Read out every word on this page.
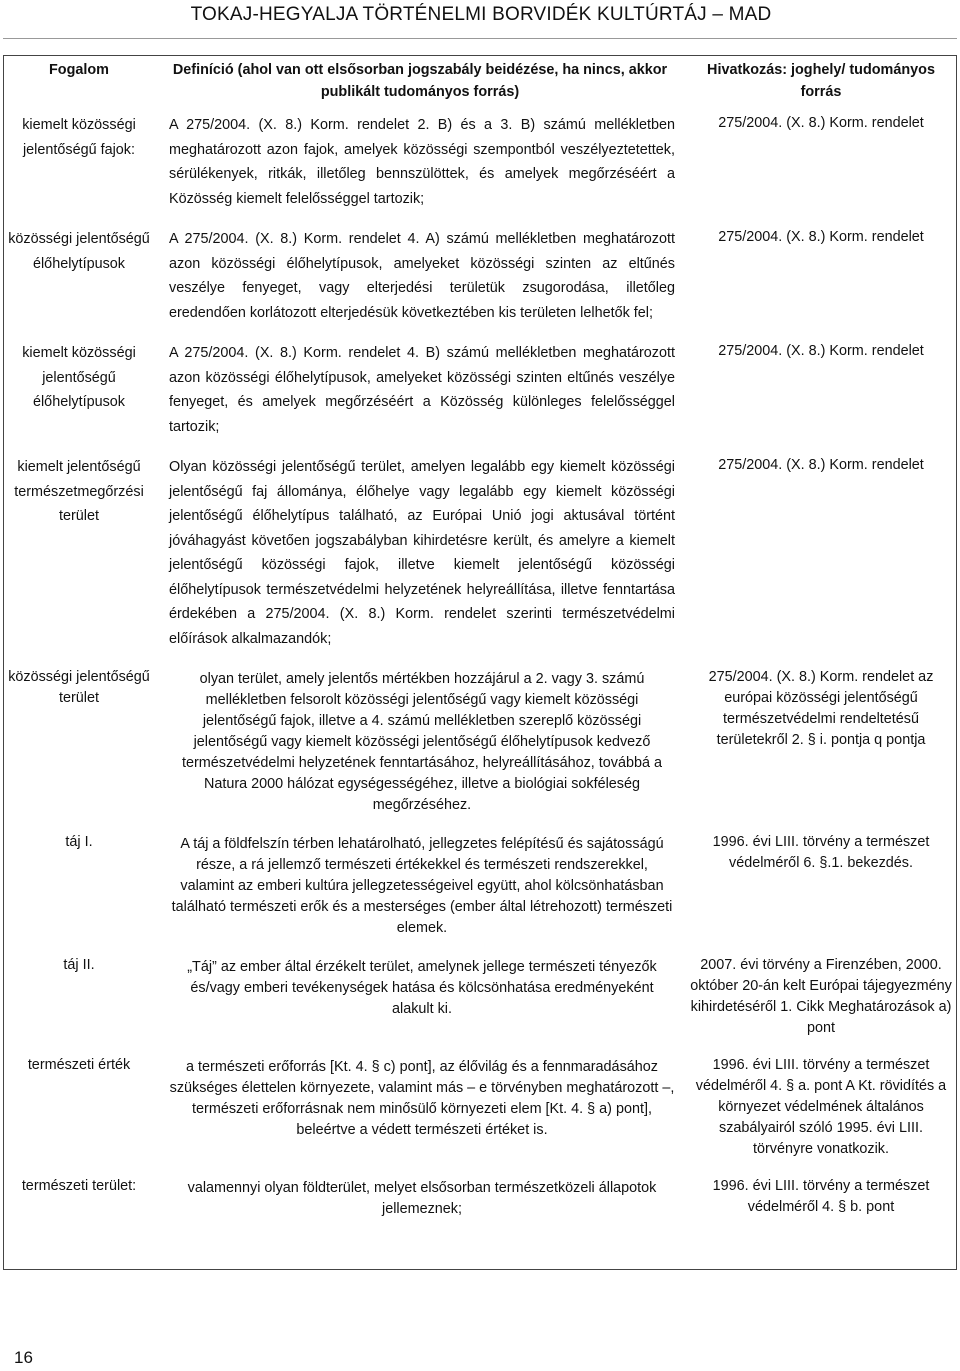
TOKAJ-HEGYALJA TÖRTÉNELMI BORVIDÉK KULTÚRTÁJ – MAD
Fogalom	Definíció (ahol van ott elsősorban jogszabály beidézése, ha nincs, akkor publikált tudományos forrás)	Hivatkozás: joghely/ tudományos forrás

kiemelt közösségi jelentőségű fajok:	A 275/2004. (X. 8.) Korm. rendelet 2. B) és a 3. B) számú mellékletben meghatározott azon fajok, amelyek közösségi szempontból veszélyeztetettek, sérülékenyek, ritkák, illetőleg bennszülöttek, és amelyek megőrzéséért a Közösség kiemelt felelősséggel tartozik;	275/2004. (X. 8.) Korm. rendelet

közösségi jelentőségű élőhelytípusok	A 275/2004. (X. 8.) Korm. rendelet 4. A) számú mellékletben meghatározott azon közösségi élőhelytípusok, amelyeket közösségi szinten az eltűnés veszélye fenyeget, vagy elterjedési területük zsugorodása, illetőleg eredendően korlátozott elterjedésük következtében kis területen lelhetők fel;	275/2004. (X. 8.) Korm. rendelet

kiemelt közösségi jelentőségű élőhelytípusok	A 275/2004. (X. 8.) Korm. rendelet 4. B) számú mellékletben meghatározott azon közösségi élőhelytípusok, amelyeket közösségi szinten eltűnés veszélye fenyeget, és amelyek megőrzéséért a Közösség különleges felelősséggel tartozik;	275/2004. (X. 8.) Korm. rendelet

kiemelt jelentőségű természetmegőrzési terület	Olyan közösségi jelentőségű terület, amelyen legalább egy kiemelt közösségi jelentőségű faj állománya, élőhelye vagy legalább egy kiemelt közösségi jelentőségű élőhelytípus található, az Európai Unió jogi aktusával történt jóváhagyást követően jogszabályban kihirdetésre került, és amelyre a kiemelt jelentőségű közösségi fajok, illetve kiemelt jelentőségű közösségi élőhelytípusok természetvédelmi helyzetének helyreállítása, illetve fenntartása érdekében a 275/2004. (X. 8.) Korm. rendelet szerinti természetvédelmi előírások alkalmazandók;	275/2004. (X. 8.) Korm. rendelet

közösségi jelentőségű terület	olyan terület, amely jelentős mértékben hozzájárul a 2. vagy 3. számú mellékletben felsorolt közösségi jelentőségű vagy kiemelt közösségi jelentőségű fajok, illetve a 4. számú mellékletben szereplő közösségi jelentőségű vagy kiemelt közösségi jelentőségű élőhelytípusok kedvező természetvédelmi helyzetének fenntartásához, helyreállításához, továbbá a Natura 2000 hálózat egységességéhez, illetve a biológiai sokféleség megőrzéséhez.	275/2004. (X. 8.) Korm. rendelet az európai közösségi jelentőségű természetvédelmi rendeltetésű területekről 2. § i. pontja q pontja

táj I.	A táj a földfelszín térben lehatárolható, jellegzetes felépítésű és sajátosságú része, a rá jellemző természeti értékekkel és természeti rendszerekkel, valamint az emberi kultúra jellegzetességeivel együtt, ahol kölcsönhatásban található természeti erők és a mesterséges (ember által létrehozott) természeti elemek.	1996. évi LIII. törvény a természet védelméről 6. §.1. bekezdés.

táj II.	„Táj” az ember által érzékelt terület, amelynek jellege természeti tényezők és/vagy emberi tevékenységek hatása és kölcsönhatása eredményeként alakult ki.	2007. évi törvény a Firenzében, 2000. október 20-án kelt Európai tájegyezmény kihirdetéséről 1. Cikk Meghatározások a) pont

természeti érték	a természeti erőforrás [Kt. 4. § c) pont], az élővilág és a fennmaradásához szükséges élettelen környezete, valamint más – e törvényben meghatározott –, természeti erőforrásnak nem minősülő környezeti elem [Kt. 4. § a) pont], beleértve a védett természeti értéket is.	1996. évi LIII. törvény a természet védelméről 4. § a. pont A Kt. rövidítés a környezet védelmének általános szabályairól szóló 1995. évi LIII. törvényre vonatkozik.

természeti terület:	valamennyi olyan földterület, melyet elsősorban természetközeli állapotok jellemeznek;	1996. évi LIII. törvény a természet védelméről 4. § b. pont
16
